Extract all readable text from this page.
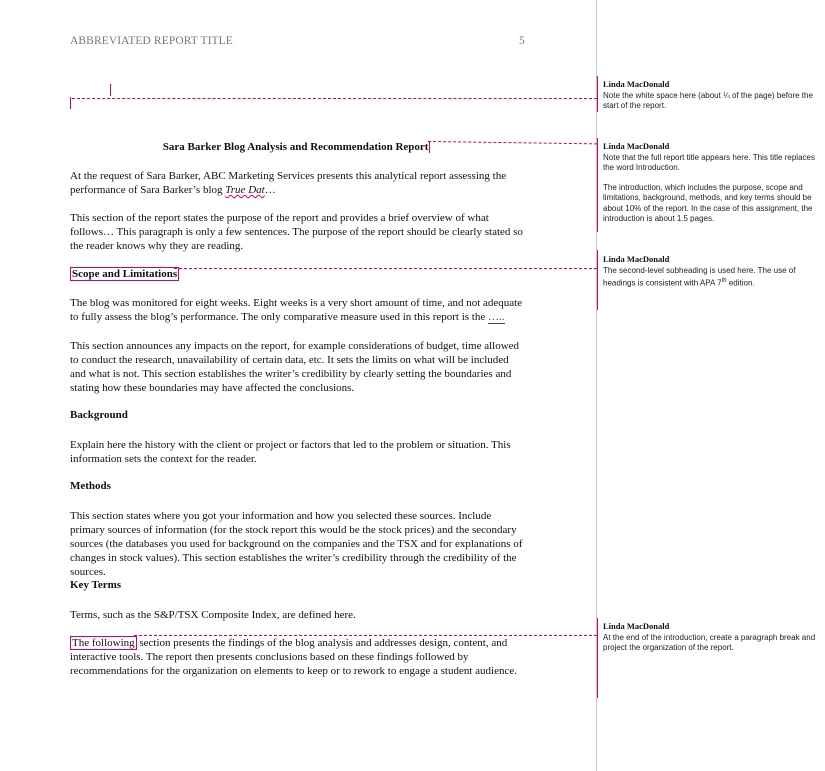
ABBREVIATED REPORT TITLE	5
Sara Barker Blog Analysis and Recommendation Report

At the request of Sara Barker, ABC Marketing Services presents this analytical report assessing the performance of Sara Barker’s blog True Dat…

This section of the report states the purpose of the report and provides a brief overview of what follows… This paragraph is only a few sentences. The purpose of the report should be clearly stated so the reader knows why they are reading.

Scope and Limitations

The blog was monitored for eight weeks. Eight weeks is a very short amount of time, and not adequate to fully assess the blog’s performance. The only comparative measure used in this report is the …..

This section announces any impacts on the report, for example considerations of budget, time allowed to conduct the research, unavailability of certain data, etc. It sets the limits on what will be included and what is not. This section establishes the writer’s credibility by clearly setting the boundaries and stating how these boundaries may have affected the conclusions.

Background

Explain here the history with the client or project or factors that led to the problem or situation. This information sets the context for the reader.

Methods

This section states where you got your information and how you selected these sources. Include primary sources of information (for the stock report this would be the stock prices) and the secondary sources (the databases you used for background on the companies and the TSX and for explanations of changes in stock values). This section establishes the writer’s credibility through the credibility of the sources.

Key Terms

Terms, such as the S&P/TSX Composite Index, are defined here.

The following section presents the findings of the blog analysis and addresses design, content, and interactive tools. The report then presents conclusions based on these findings followed by recommendations for the organization on elements to keep or to rework to engage a student audience.

Linda MacDonald

Note the white space here (about ¼ of the page) before the start of the report.

Linda MacDonald

Note that the full report title appears here. This title replaces the word Introduction.

The introduction, which includes the purpose, scope and limitations, background, methods, and key terms should be about 10% of the report. In the case of this assignment, the introduction is about 1.5 pages.

Linda MacDonald

The second-level subheading is used here. The use of headings is consistent with APA 7th edition.

Linda MacDonald

At the end of the introduction, create a paragraph break and project the organization of the report.
